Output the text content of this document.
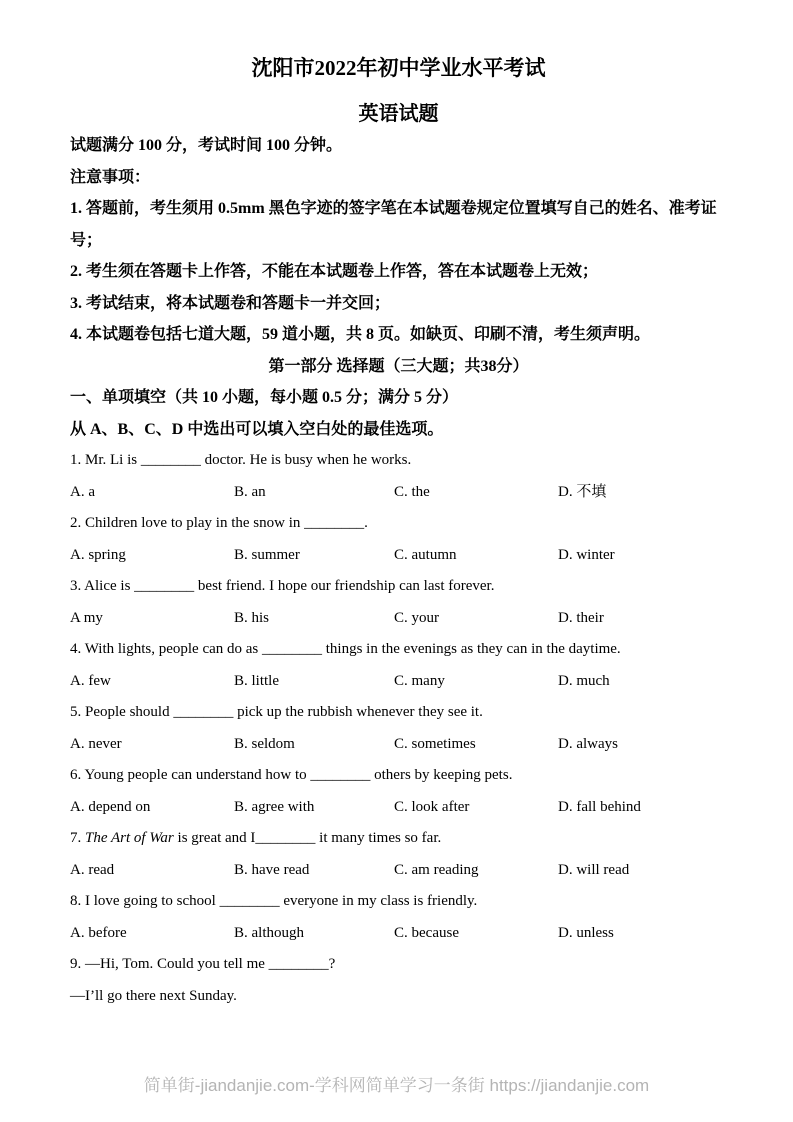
沈阳市2022年初中学业水平考试
英语试题
试题满分 100 分，考试时间 100 分钟。
注意事项：
1. 答题前，考生须用 0.5mm 黑色字迹的签字笔在本试题卷规定位置填写自己的姓名、准考证号；
2. 考生须在答题卡上作答，不能在本试题卷上作答，答在本试题卷上无效；
3. 考试结束，将本试题卷和答题卡一并交回；
4. 本试题卷包括七道大题，59 道小题，共 8 页。如缺页、印刷不清，考生须声明。
第一部分 选择题（三大题；共38分）
一、单项填空（共 10 小题，每小题 0.5 分；满分 5 分）
从 A、B、C、D 中选出可以填入空白处的最佳选项。
1. Mr. Li is ________ doctor. He is busy when he works.
A. a	B. an	C. the	D. 不填
2. Children love to play in the snow in ________.
A. spring	B. summer	C. autumn	D. winter
3. Alice is ________ best friend. I hope our friendship can last forever.
A my	B. his	C. your	D. their
4. With lights, people can do as ________ things in the evenings as they can in the daytime.
A. few	B. little	C. many	D. much
5. People should ________ pick up the rubbish whenever they see it.
A. never	B. seldom	C. sometimes	D. always
6. Young people can understand how to ________ others by keeping pets.
A. depend on	B. agree with	C. look after	D. fall behind
7. The Art of War is great and I________ it many times so far.
A. read	B. have read	C. am reading	D. will read
8. I love going to school ________ everyone in my class is friendly.
A. before	B. although	C. because	D. unless
9. —Hi, Tom. Could you tell me ________?
—I’ll go there next Sunday.
简单街-jiandanjie.com-学科网简单学习一条街 https://jiandanjie.com
